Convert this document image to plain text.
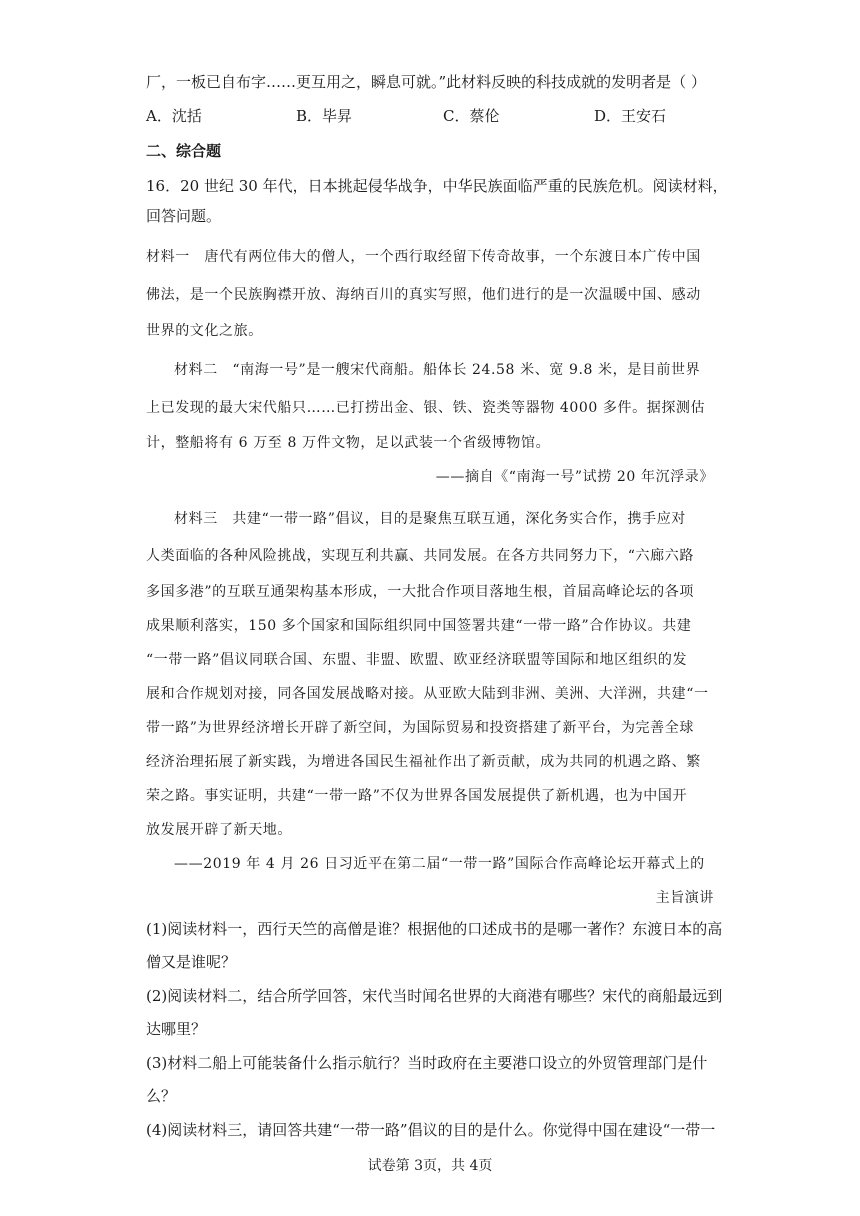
厂，一板已自布字……更互用之，瞬息可就。”此材料反映的科技成就的发明者是（ ）
A．沈括	B．毕昇	C．蔡伦	D．王安石
二、综合题
16．20 世纪 30 年代，日本挑起侵华战争，中华民族面临严重的民族危机。阅读材料，
回答问题。
材料一　唐代有两位伟大的僧人，一个西行取经留下传奇故事，一个东渡日本广传中国
佛法，是一个民族胸襟开放、海纳百川的真实写照，他们进行的是一次温暖中国、感动
世界的文化之旅。
材料二　“南海一号”是一艘宋代商船。船体长 24.58 米、宽 9.8 米，是目前世界
上已发现的最大宋代船只……已打捞出金、银、铁、瓷类等器物 4000 多件。据探测估
计，整船将有 6 万至 8 万件文物，足以武装一个省级博物馆。
——摘自《“南海一号”试捞 20 年沉浮录》
材料三　共建“一带一路”倡议，目的是聚焦互联互通，深化务实合作，携手应对
人类面临的各种风险挑战，实现互利共赢、共同发展。在各方共同努力下，“六廊六路
多国多港”的互联互通架构基本形成，一大批合作项目落地生根，首届高峰论坛的各项
成果顺利落实，150 多个国家和国际组织同中国签署共建“一带一路”合作协议。共建
“一带一路”倡议同联合国、东盟、非盟、欧盟、欧亚经济联盟等国际和地区组织的发
展和合作规划对接，同各国发展战略对接。从亚欧大陆到非洲、美洲、大洋洲，共建“一
带一路”为世界经济增长开辟了新空间，为国际贸易和投资搭建了新平台，为完善全球
经济治理拓展了新实践，为增进各国民生福祉作出了新贡献，成为共同的机遇之路、繁
荣之路。事实证明，共建“一带一路”不仅为世界各国发展提供了新机遇，也为中国开
放发展开辟了新天地。
——2019 年 4 月 26 日习近平在第二届“一带一路”国际合作高峰论坛开幕式上的
主旨演讲
(1)阅读材料一，西行天竺的高僧是谁？根据他的口述成书的是哪一著作？东渡日本的高
僧又是谁呢？
(2)阅读材料二，结合所学回答，宋代当时闻名世界的大商港有哪些？宋代的商船最远到
达哪里？
(3)材料二船上可能装备什么指示航行？当时政府在主要港口设立的外贸管理部门是什
么？
(4)阅读材料三，请回答共建“一带一路”倡议的目的是什么。你觉得中国在建设“一带一
试卷第 3页，共 4页
